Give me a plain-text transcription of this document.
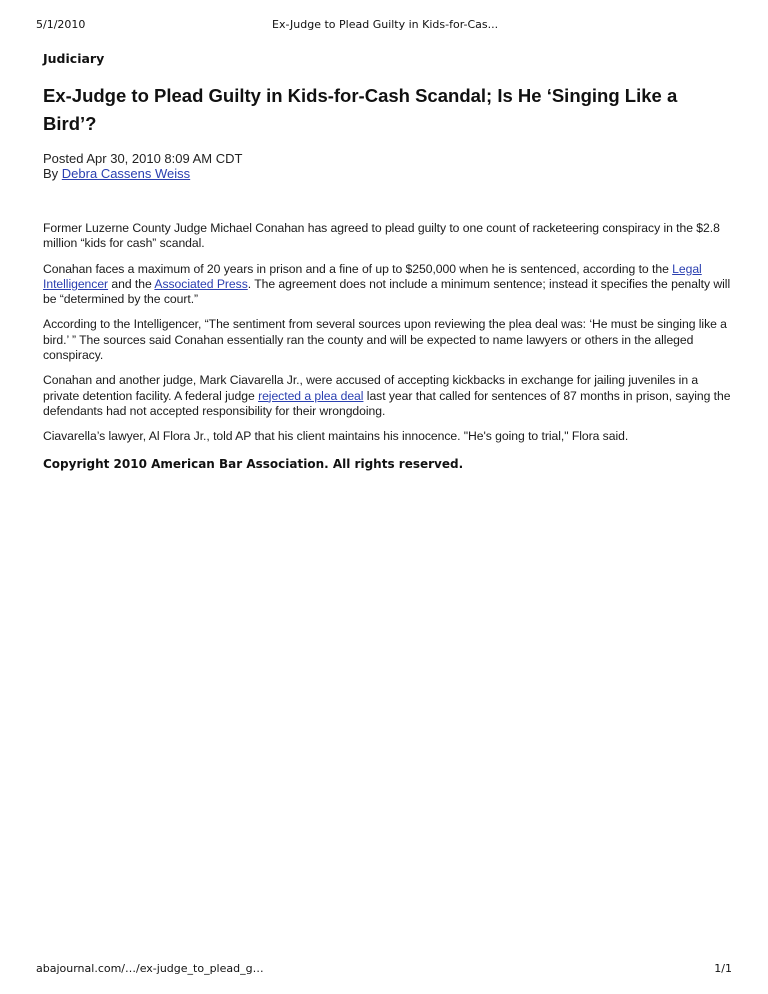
5/1/2010	Ex-Judge to Plead Guilty in Kids-for-Cas...
Judiciary
Ex-Judge to Plead Guilty in Kids-for-Cash Scandal; Is He ‘Singing Like a Bird’?
Posted Apr 30, 2010 8:09 AM CDT
By Debra Cassens Weiss

Former Luzerne County Judge Michael Conahan has agreed to plead guilty to one count of racketeering conspiracy in the $2.8 million “kids for cash” scandal.

Conahan faces a maximum of 20 years in prison and a fine of up to $250,000 when he is sentenced, according to the Legal Intelligencer and the Associated Press. The agreement does not include a minimum sentence; instead it specifies the penalty will be “determined by the court.”

According to the Intelligencer, “The sentiment from several sources upon reviewing the plea deal was: ‘He must be singing like a bird.’ ” The sources said Conahan essentially ran the county and will be expected to name lawyers or others in the alleged conspiracy.

Conahan and another judge, Mark Ciavarella Jr., were accused of accepting kickbacks in exchange for jailing juveniles in a private detention facility. A federal judge rejected a plea deal last year that called for sentences of 87 months in prison, saying the defendants had not accepted responsibility for their wrongdoing.

Ciavarella’s lawyer, Al Flora Jr., told AP that his client maintains his innocence. "He's going to trial," Flora said.

Copyright 2010 American Bar Association. All rights reserved.
abajournal.com/…/ex-judge_to_plead_g…	1/1
